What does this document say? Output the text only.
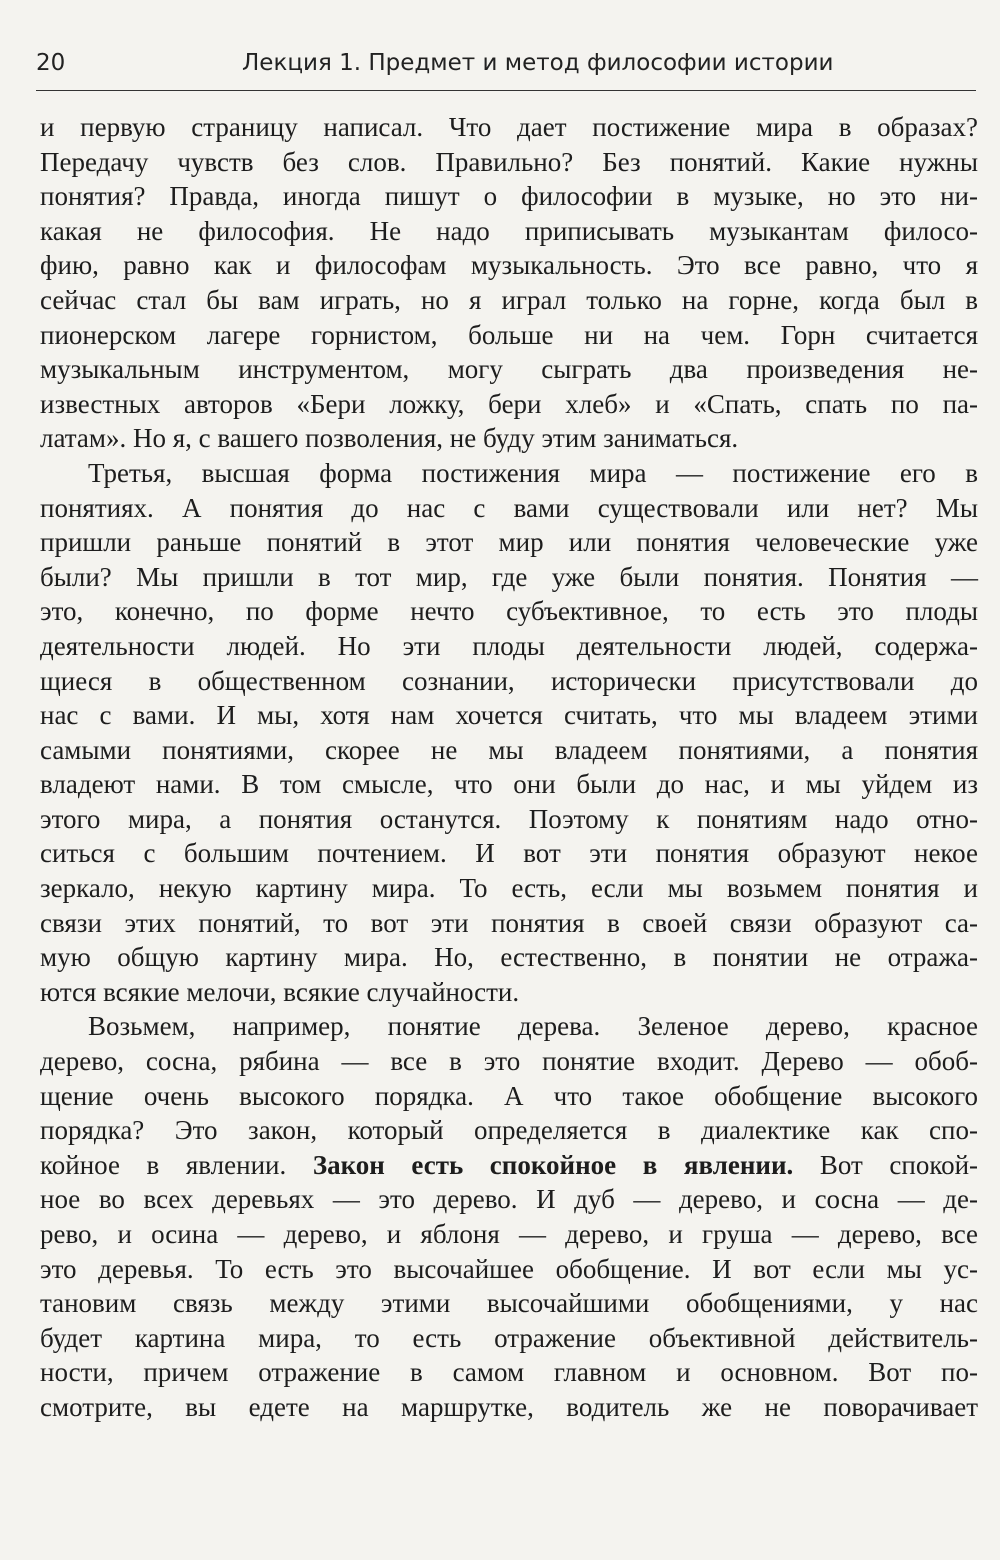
20	Лекция 1. Предмет и метод философии истории
и первую страницу написал. Что дает постижение мира в образах?
Передачу чувств без слов. Правильно? Без понятий. Какие нужны
понятия? Правда, иногда пишут о философии в музыке, но это ни-
какая не философия. Не надо приписывать музыкантам филосо-
фию, равно как и философам музыкальность. Это все равно, что я
сейчас стал бы вам играть, но я играл только на горне, когда был в
пионерском лагере горнистом, больше ни на чем. Горн считается
музыкальным инструментом, могу сыграть два произведения не-
известных авторов «Бери ложку, бери хлеб» и «Спать, спать по па-
латам». Но я, с вашего позволения, не буду этим заниматься.
Третья, высшая форма постижения мира — постижение его в
понятиях. А понятия до нас с вами существовали или нет? Мы
пришли раньше понятий в этот мир или понятия человеческие уже
были? Мы пришли в тот мир, где уже были понятия. Понятия —
это, конечно, по форме нечто субъективное, то есть это плоды
деятельности людей. Но эти плоды деятельности людей, содержа-
щиеся в общественном сознании, исторически присутствовали до
нас с вами. И мы, хотя нам хочется считать, что мы владеем этими
самыми понятиями, скорее не мы владеем понятиями, а понятия
владеют нами. В том смысле, что они были до нас, и мы уйдем из
этого мира, а понятия останутся. Поэтому к понятиям надо отно-
ситься с большим почтением. И вот эти понятия образуют некое
зеркало, некую картину мира. То есть, если мы возьмем понятия и
связи этих понятий, то вот эти понятия в своей связи образуют са-
мую общую картину мира. Но, естественно, в понятии не отража-
ются всякие мелочи, всякие случайности.
Возьмем, например, понятие дерева. Зеленое дерево, красное
дерево, сосна, рябина — все в это понятие входит. Дерево — обоб-
щение очень высокого порядка. А что такое обобщение высокого
порядка? Это закон, который определяется в диалектике как спо-
койное в явлении. Закон есть спокойное в явлении. Вот спокой-
ное во всех деревьях — это дерево. И дуб — дерево, и сосна — де-
рево, и осина — дерево, и яблоня — дерево, и груша — дерево, все
это деревья. То есть это высочайшее обобщение. И вот если мы ус-
тановим связь между этими высочайшими обобщениями, у нас
будет картина мира, то есть отражение объективной действитель-
ности, причем отражение в самом главном и основном. Вот по-
смотрите, вы едете на маршрутке, водитель же не поворачивает
